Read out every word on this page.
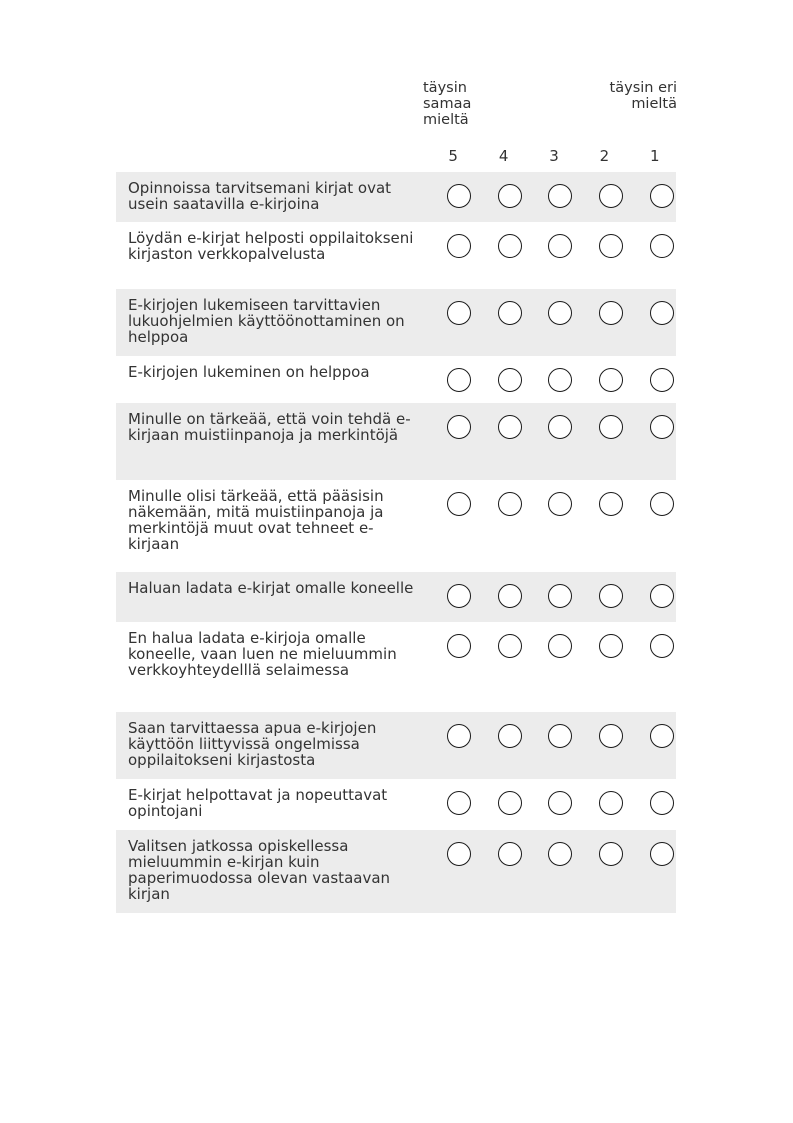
täysin
samaa
mieltä
täysin eri
mieltä
5	4	3	2	1
Opinnoissa tarvitsemani kirjat ovat usein saatavilla e-kirjoina
Löydän e-kirjat helposti oppilaitokseni kirjaston verkkopalvelusta
E-kirjojen lukemiseen tarvittavien lukuohjelmien käyttöönottaminen on helppoa
E-kirjojen lukeminen on helppoa
Minulle on tärkeää, että voin tehdä e-kirjaan muistiinpanoja ja merkintöjä
Minulle olisi tärkeää, että pääsisin näkemään, mitä muistiinpanoja ja merkintöjä muut ovat tehneet e-kirjaan
Haluan ladata e-kirjat omalle koneelle
En halua ladata e-kirjoja omalle koneelle, vaan luen ne mieluummin verkkoyhteydelllä selaimessa
Saan tarvittaessa apua e-kirjojen käyttöön liittyvissä ongelmissa oppilaitokseni kirjastosta
E-kirjat helpottavat ja nopeuttavat opintojani
Valitsen jatkossa opiskellessa mieluummin e-kirjan kuin paperimuodossa olevan vastaavan kirjan
